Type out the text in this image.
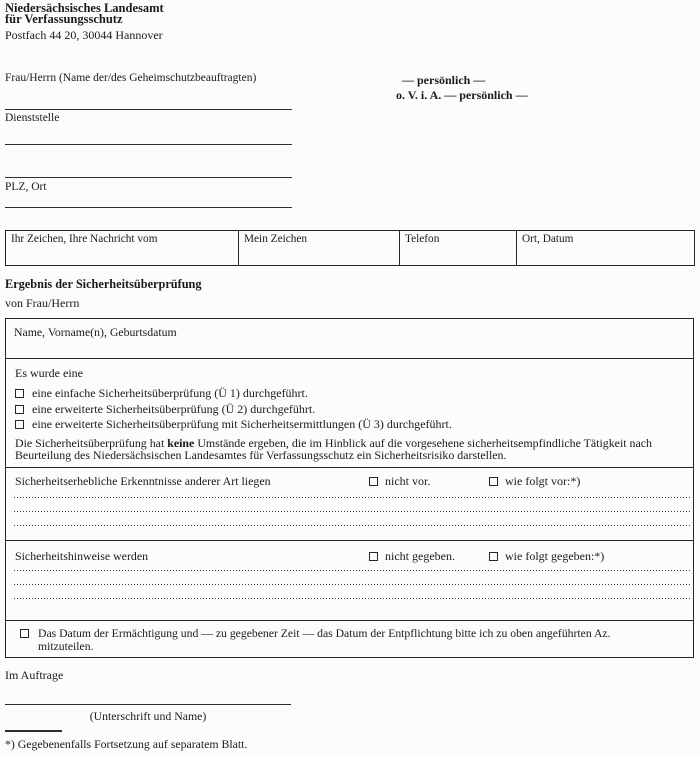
Niedersächsisches Landesamt
für Verfassungsschutz
Postfach 44 20, 30044 Hannover
— persönlich —
o. V. i. A. — persönlich —
Frau/Herrn (Name der/des Geheimschutzbeauftragten)
Dienststelle
PLZ, Ort
Ihr Zeichen, Ihre Nachricht vom	Mein Zeichen	Telefon	Ort, Datum
Ergebnis der Sicherheitsüberprüfung
von Frau/Herrn
Name, Vorname(n), Geburtsdatum
Es wurde eine
eine einfache Sicherheitsüberprüfung (Ü 1) durchgeführt.
eine erweiterte Sicherheitsüberprüfung (Ü 2) durchgeführt.
eine erweiterte Sicherheitsüberprüfung mit Sicherheitsermittlungen (Ü 3) durchgeführt.
Die Sicherheitsüberprüfung hat keine Umstände ergeben, die im Hinblick auf die vorgesehene sicherheitsempfindliche Tätigkeit nach Beurteilung des Niedersächsischen Landesamtes für Verfassungsschutz ein Sicherheitsrisiko darstellen.
Sicherheitserhebliche Erkenntnisse anderer Art liegen	nicht vor.	wie folgt vor:*)
Sicherheitshinweise werden	nicht gegeben.	wie folgt gegeben:*)
Das Datum der Ermächtigung und — zu gegebener Zeit — das Datum der Entpflichtung bitte ich zu oben angeführten Az.
mitzuteilen.
Im Auftrage
(Unterschrift und Name)
*) Gegebenenfalls Fortsetzung auf separatem Blatt.
